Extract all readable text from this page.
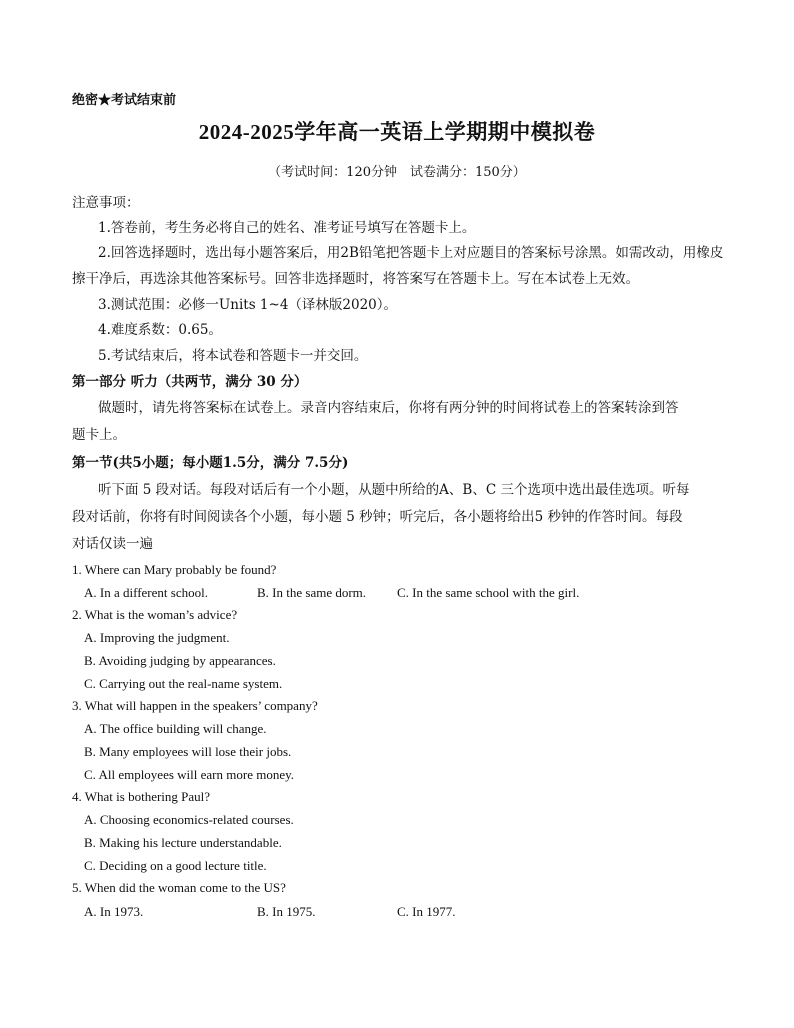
绝密★考试结束前
2024-2025学年高一英语上学期期中模拟卷
（考试时间：120分钟　试卷满分：150分）
注意事项：
1.答卷前，考生务必将自己的姓名、准考证号填写在答题卡上。
2.回答选择题时，选出每小题答案后，用2B铅笔把答题卡上对应题目的答案标号涂黑。如需改动，用橡皮
擦干净后，再选涂其他答案标号。回答非选择题时，将答案写在答题卡上。写在本试卷上无效。
3.测试范围：必修一Units 1~4（译林版2020）。
4.难度系数：0.65。
5.考试结束后，将本试卷和答题卡一并交回。
第一部分 听力（共两节，满分 30 分）
做题时，请先将答案标在试卷上。录音内容结束后，你将有两分钟的时间将试卷上的答案转涂到答
题卡上。
第一节(共5小题；每小题1.5分，满分 7.5分)
听下面 5 段对话。每段对话后有一个小题，从题中所给的A、B、C 三个选项中选出最佳选项。听每
段对话前，你将有时间阅读各个小题，每小题 5 秒钟；听完后，各小题将给出5 秒钟的作答时间。每段
对话仅读一遍
1. Where can Mary probably be found?
A. In a different school.	B. In the same dorm. C. In the same school with the girl.
2. What is the woman’s advice?
A. Improving the judgment.
B. Avoiding judging by appearances.
C. Carrying out the real-name system.
3. What will happen in the speakers’ company?
A. The office building will change.
B. Many employees will lose their jobs.
C. All employees will earn more money.
4. What is bothering Paul?
A. Choosing economics-related courses.
B. Making his lecture understandable.
C. Deciding on a good lecture title.
5. When did the woman come to the US?
A. In 1973.	B. In 1975.	C. In 1977.
